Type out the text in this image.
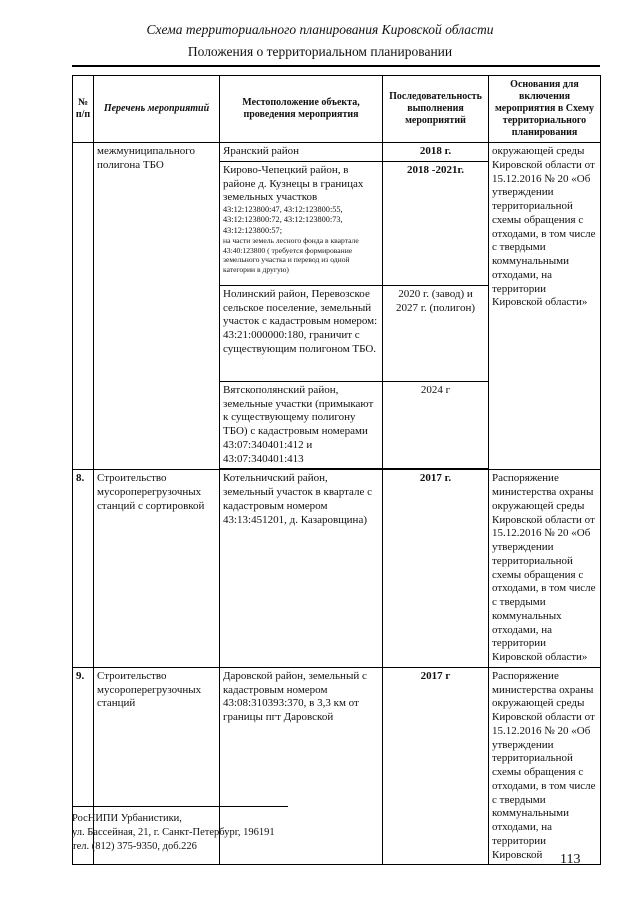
Схема территориального планирования Кировской области
Положения о территориальном планировании
№ п/п	Перечень мероприятий	Местоположение объекта, проведения мероприятия	Последовательность выполнения мероприятий	Основания для включения мероприятия в Схему территориального планирования
	межмуниципального полигона ТБО	Яранский район	2018 г.	окружающей среды Кировской области от 15.12.2016 № 20 «Об утверждении территориальной схемы обращения с отходами, в том числе с твердыми коммунальными отходами, на территории Кировской области»
		Кирово-Чепецкий район, в районе д. Кузнецы в границах земельных участков
43:12:123800:47, 43:12:123800:55, 43:12:123800:72, 43:12:123800:73, 43:12:123800:57;
на части земель лесного фонда в квартале 43:40:123800 ( требуется формирование земельного участка и перевод из одной категории в другую)	2018 -2021г.	
		Нолинский район, Перевозское сельское поселение, земельный участок с кадастровым номером: 43:21:000000:180, граничит с существующим полигоном ТБО.	2020 г. (завод) и 2027 г. (полигон)	
		Вятскополянский район, земельные участки (примыкают к существующему полигону ТБО) с кадастровым номерами 43:07:340401:412 и 43:07:340401:413	2024 г	

8.	Строительство мусороперегрузочных станций с сортировкой	Котельничский район, земельный участок в квартале с кадастровым номером 43:13:451201, д. Казаровщина)	2017 г.	Распоряжение министерства охраны окружающей среды Кировской области от 15.12.2016 № 20 «Об утверждении территориальной схемы обращения с отходами, в том числе с твердыми коммунальных отходами, на территории Кировской области»
9.	Строительство мусороперегрузочных станций	Даровской район, земельный с кадастровым номером 43:08:310393:370, в 3,3 км от границы пгт Даровской	2017 г	Распоряжение министерства охраны окружающей среды Кировской области от 15.12.2016 № 20 «Об утверждении территориальной схемы обращения с отходами, в том числе с твердыми коммунальными отходами, на территории Кировской
РосНИПИ Урбанистики,
ул. Бассейная, 21, г. Санкт-Петербург, 196191
тел. (812) 375-9350, доб.226
113
